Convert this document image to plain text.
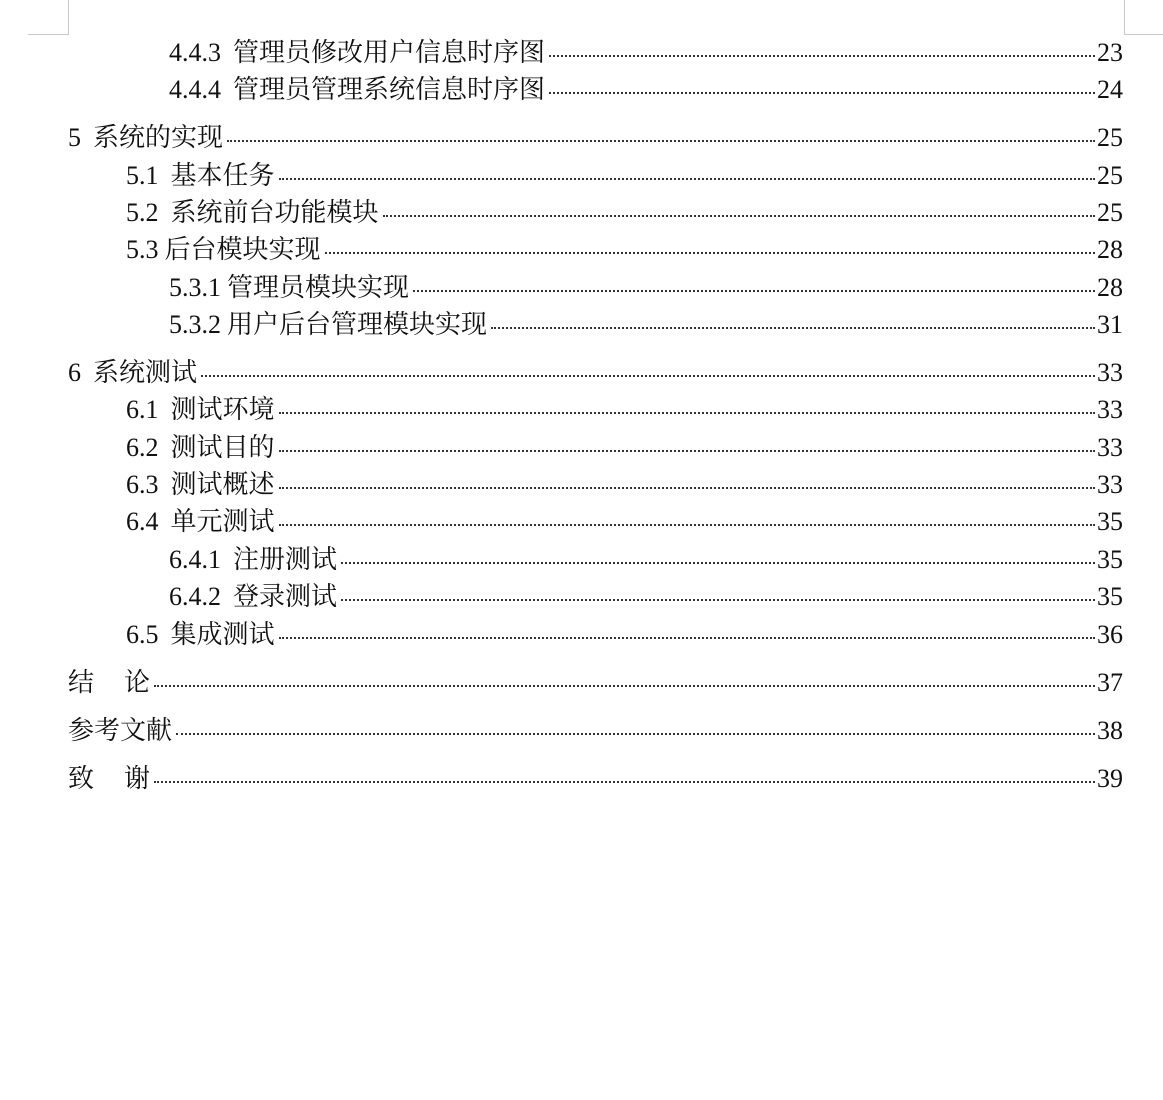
4.4.3 管理员修改用户信息时序图	23
4.4.4 管理员管理系统信息时序图	24
5 系统的实现	25
5.1 基本任务	25
5.2 系统前台功能模块	25
5.3 后台模块实现	28
5.3.1 管理员模块实现	28
5.3.2 用户后台管理模块实现	31
6 系统测试	33
6.1 测试环境	33
6.2 测试目的	33
6.3 测试概述	33
6.4 单元测试	35
6.4.1 注册测试	35
6.4.2 登录测试	35
6.5 集成测试	36
结论	37
参考文献	38
致谢	39
